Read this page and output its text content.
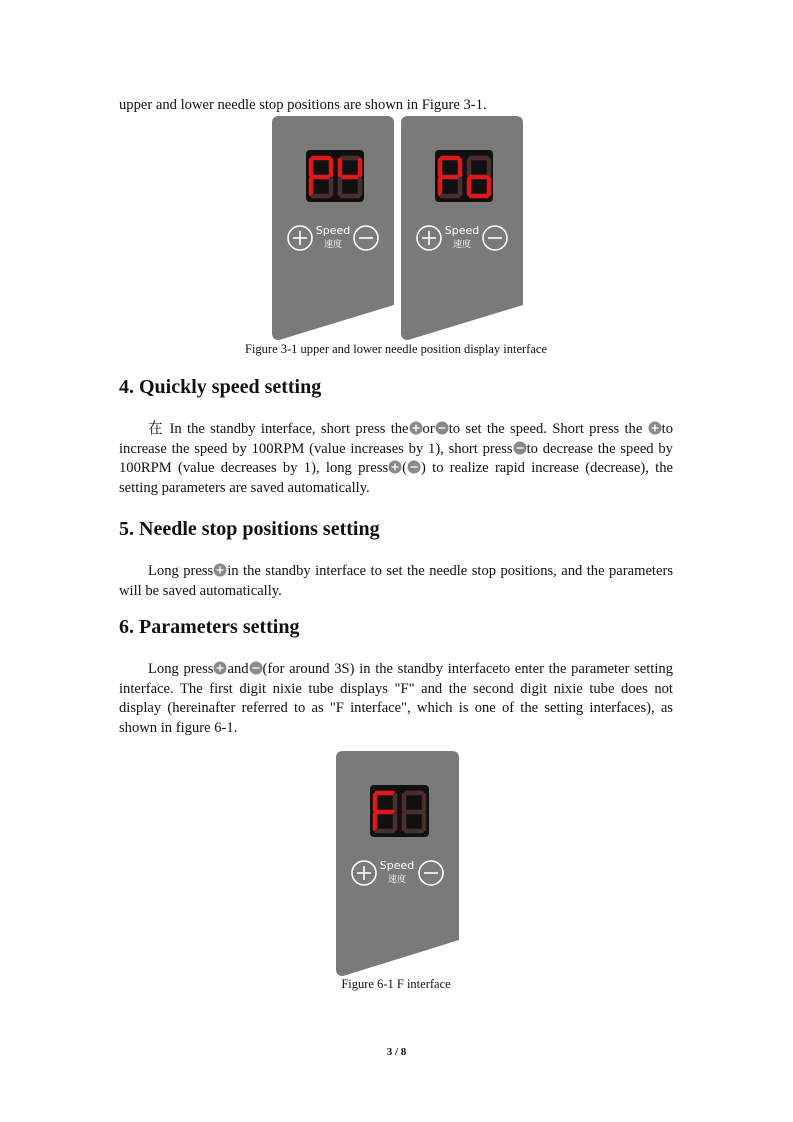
upper and lower needle stop positions are shown in Figure 3-1.

Speed
速度
Speed
速度
Figure 3-1 upper and lower needle position display interface
4. Quickly speed setting

在 In the standby interface, short press the or to set the speed. Short press the to increase the speed by 100RPM (value increases by 1), short press to decrease the speed by 100RPM (value decreases by 1), long press ( ) to realize rapid increase (decrease), the setting parameters are saved automatically.

5. Needle stop positions setting

Long press in the standby interface to set the needle stop positions, and the parameters will be saved automatically.

6. Parameters setting

Long press and (for around 3S) in the standby interfaceto enter the parameter setting interface. The first digit nixie tube displays "F" and the second digit nixie tube does not display (hereinafter referred to as "F interface", which is one of the setting interfaces), as shown in figure 6-1.

Speed
速度
Figure 6-1 F interface
3 / 8
